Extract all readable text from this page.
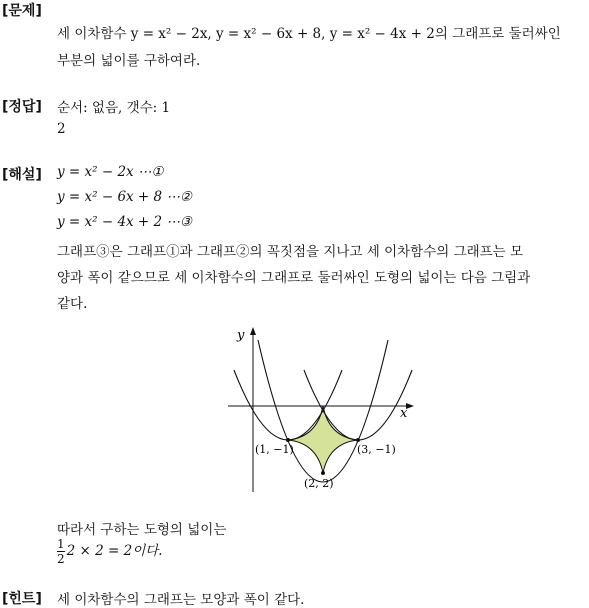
[문제]
세 이차함수 y = x² − 2x, y = x² − 6x + 8, y = x² − 4x + 2의 그래프로 둘러싸인
부분의 넓이를 구하여라.
[정답] 순서: 없음, 갯수: 1
2
[해설] y = x² − 2x ⋯①
y = x² − 6x + 8 ⋯②
y = x² − 4x + 2 ⋯③
그래프③은 그래프①과 그래프②의 꼭짓점을 지나고 세 이차함수의 그래프는 모
양과 폭이 같으므로 세 이차함수의 그래프로 둘러싸인 도형의 넓이는 다음 그림과
같다.
y
x
(1, −1)	(3, −1)
(2, 2)
따라서 구하는 도형의 넓이는
$\frac{1}{2} 2 \times 2 = 2$이다.
[힌트] 세 이차함수의 그래프는 모양과 폭이 같다.
